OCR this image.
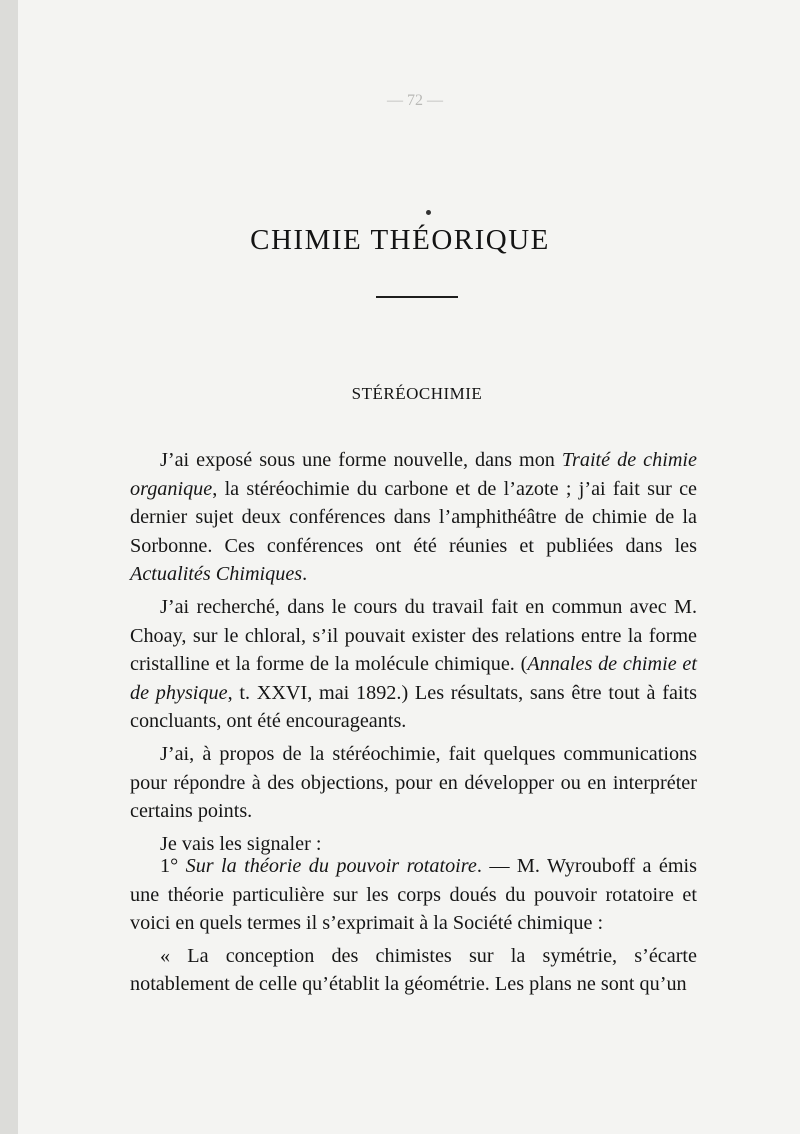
— 72 —
CHIMIE THÉORIQUE
STÉRÉOCHIMIE

J’ai exposé sous une forme nouvelle, dans mon Traité de chimie organique, la stéréochimie du carbone et de l’azote ; j’ai fait sur ce dernier sujet deux conférences dans l’amphithéâtre de chimie de la Sorbonne. Ces conférences ont été réunies et publiées dans les Actualités Chimiques.

J’ai recherché, dans le cours du travail fait en commun avec M. Choay, sur le chloral, s’il pouvait exister des relations entre la forme cristalline et la forme de la molécule chimique. (Annales de chimie et de physique, t. XXVI, mai 1892.) Les résultats, sans être tout à faits concluants, ont été encourageants.

J’ai, à propos de la stéréochimie, fait quelques communications pour répondre à des objections, pour en développer ou en interpréter certains points.

Je vais les signaler :

1° Sur la théorie du pouvoir rotatoire. — M. Wyrouboff a émis une théorie particulière sur les corps doués du pouvoir rotatoire et voici en quels termes il s’exprimait à la Société chimique :

« La conception des chimistes sur la symétrie, s’écarte notablement de celle qu’établit la géométrie. Les plans ne sont qu’un
